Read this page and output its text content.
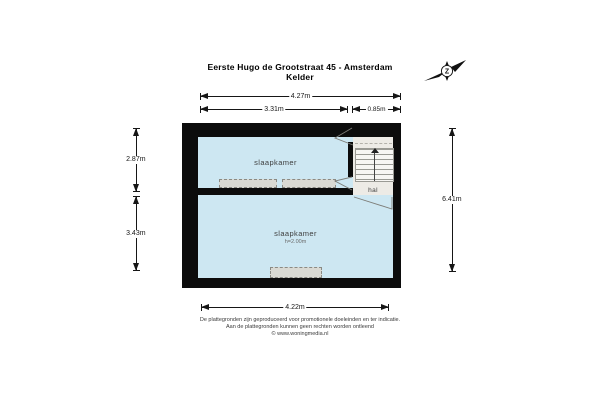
Eerste Hugo de Grootstraat 45 - Amsterdam
Kelder	Z
4.27m
3.31m	0.85m
2.87m
3.43m
6.41m
4.22m
slaapkamer
hal
slaapkamer
h=2.00m
De plattegronden zijn geproduceerd voor promotionele doeleinden en ter indicatie.
Aan de plattegronden kunnen geen rechten worden ontleend
© www.woningmedia.nl
